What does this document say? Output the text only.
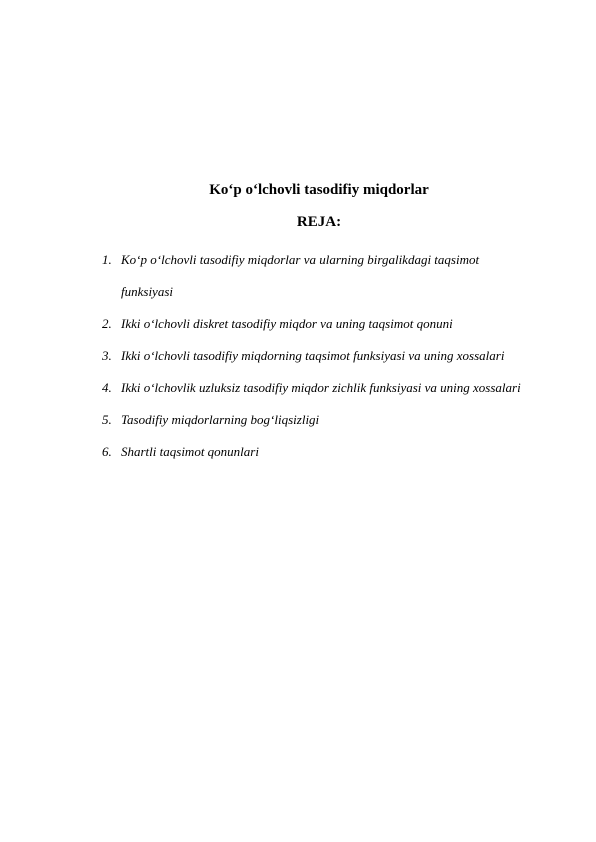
Ko‘p o‘lchovli tasodifiy miqdorlar
REJA:
1. Ko‘p o‘lchovli tasodifiy miqdorlar va ularning birgalikdagi taqsimot
funksiyasi
2. Ikki o‘lchovli diskret tasodifiy miqdor va uning taqsimot qonuni
3. Ikki o‘lchovli tasodifiy miqdorning taqsimot funksiyasi va uning xossalari
4. Ikki o‘lchovlik uzluksiz tasodifiy miqdor zichlik funksiyasi va uning xossalari
5. Tasodifiy miqdorlarning bog‘liqsizligi
6. Shartli taqsimot qonunlari
